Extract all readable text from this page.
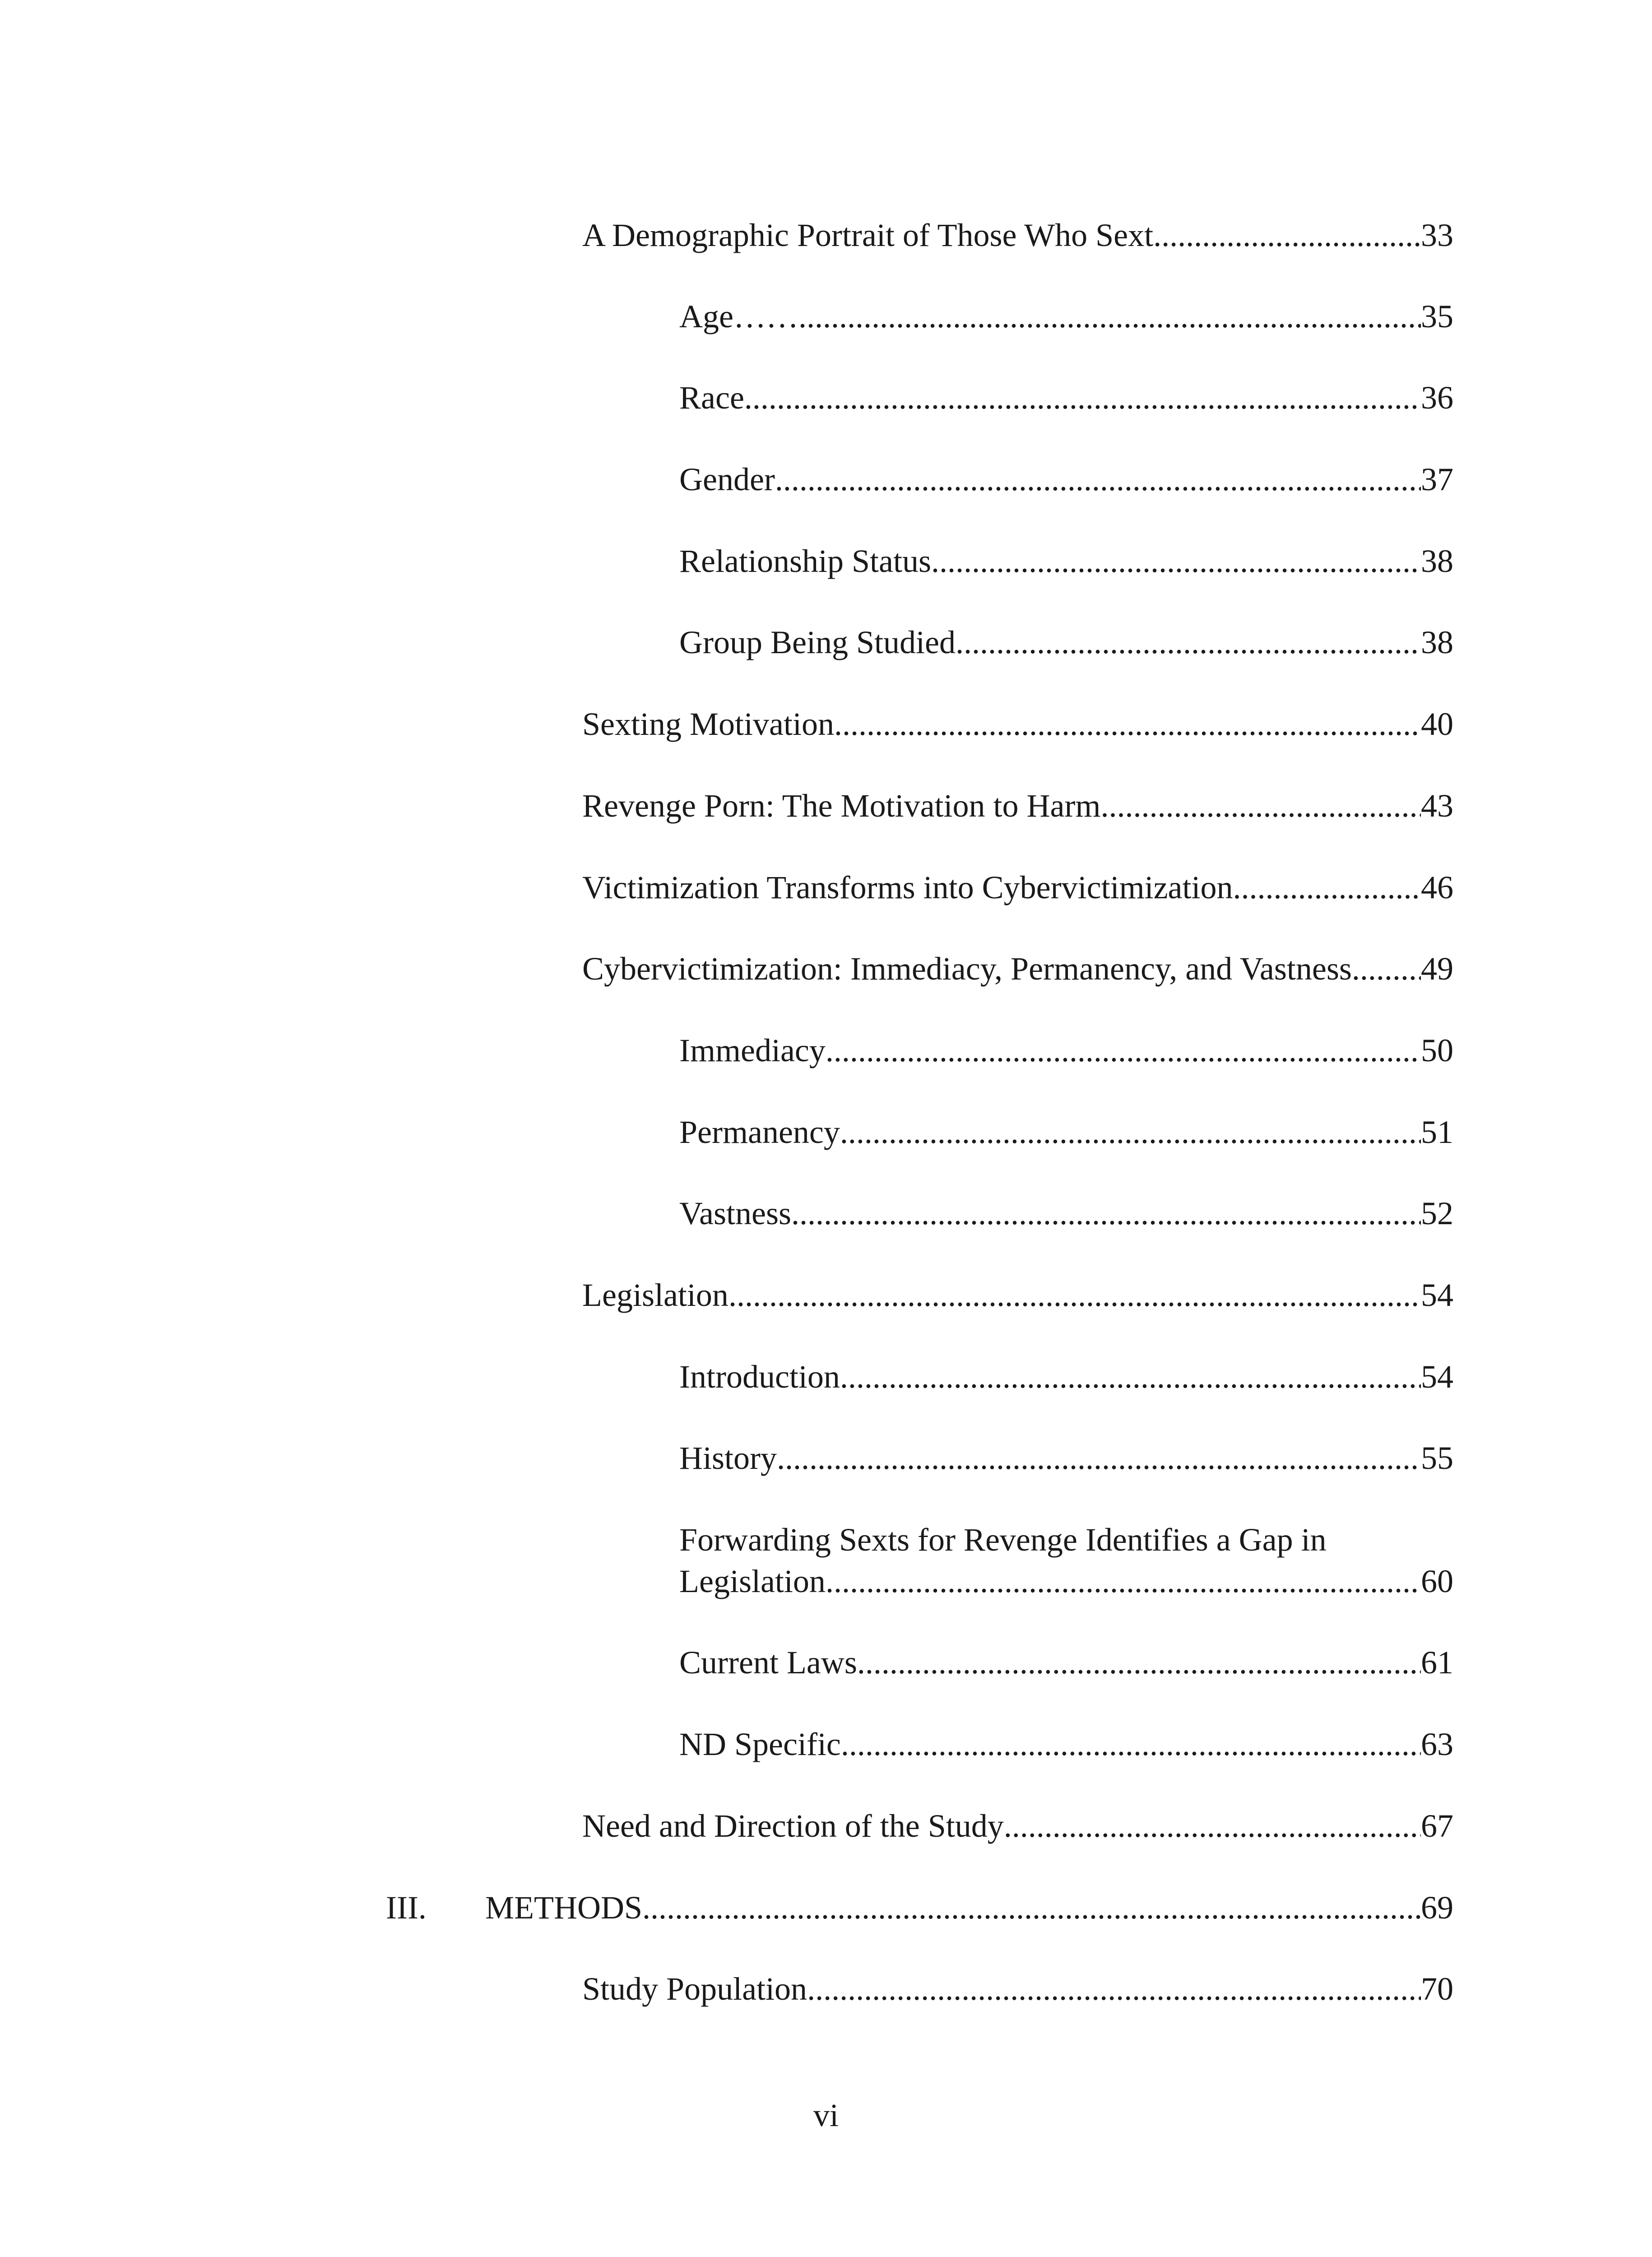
A Demographic Portrait of Those Who Sext .....	33
Age…… .....	35
Race .....	36
Gender .....	37
Relationship Status .....	38
Group Being Studied .....	38
Sexting Motivation .....	40
Revenge Porn: The Motivation to Harm .....	43
Victimization Transforms into Cybervictimization .....	46
Cybervictimization: Immediacy, Permanency, and Vastness ..... 49
Immediacy .....	50
Permanency .....	51
Vastness .....	52
Legislation .....	54
Introduction .....	54
History .....	55
Forwarding Sexts for Revenge Identifies a Gap in
Legislation .....	60
Current Laws .....	61
ND Specific .....	63
Need and Direction of the Study .....	67
III. METHODS .....	69
Study Population .....	70
vi
